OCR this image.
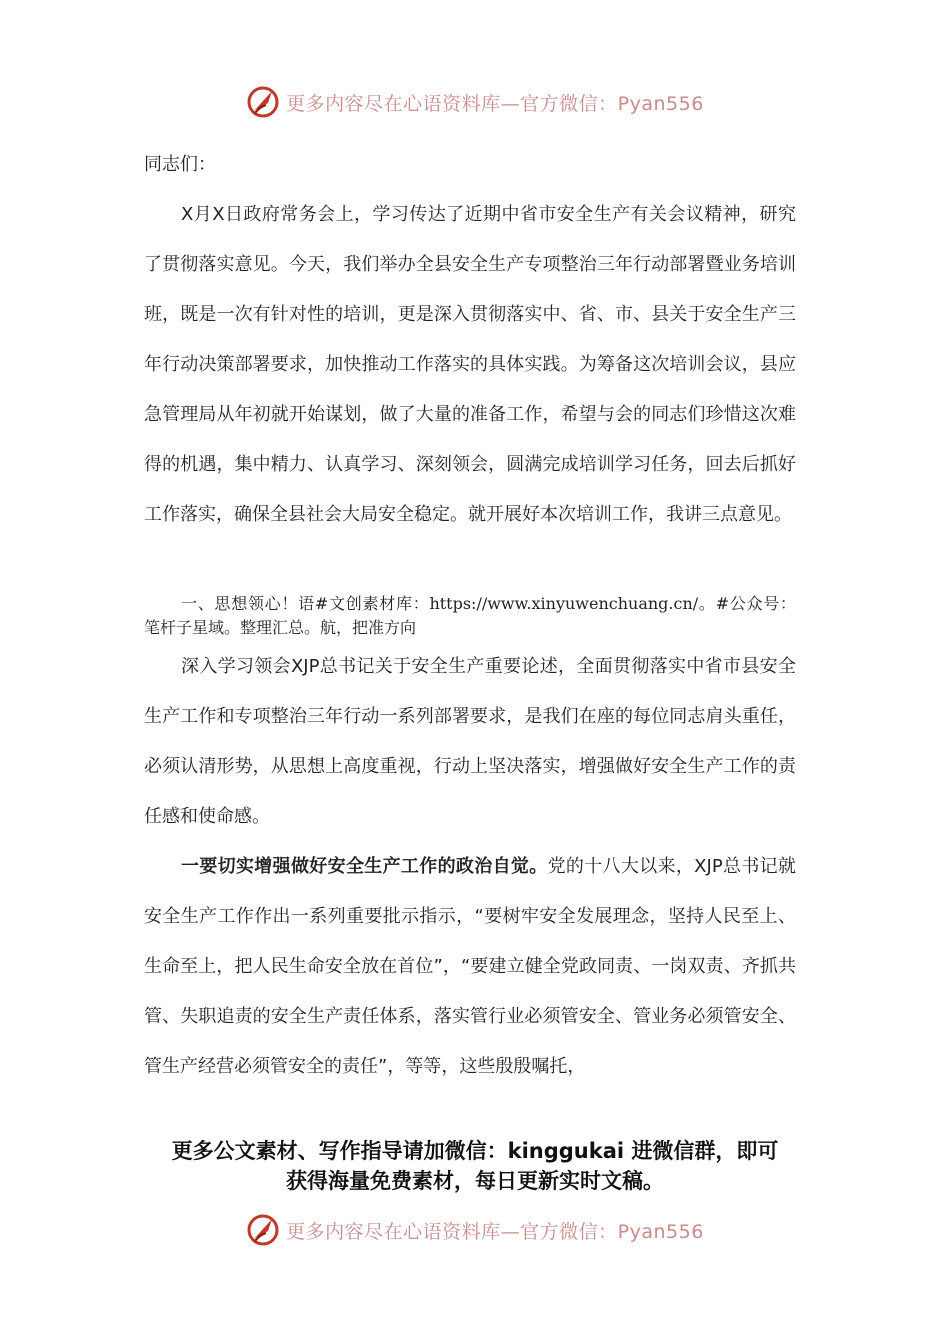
更多内容尽在心语资料库—官方微信：Pyan556

同志们：

X月X日政府常务会上，学习传达了近期中省市安全生产有关会议精神，研究了贯彻落实意见。今天，我们举办全县安全生产专项整治三年行动部署暨业务培训班，既是一次有针对性的培训，更是深入贯彻落实中、省、市、县关于安全生产三年行动决策部署要求，加快推动工作落实的具体实践。为筹备这次培训会议，县应急管理局从年初就开始谋划，做了大量的准备工作，希望与会的同志们珍惜这次难得的机遇，集中精力、认真学习、深刻领会，圆满完成培训学习任务，回去后抓好工作落实，确保全县社会大局安全稳定。就开展好本次培训工作，我讲三点意见。

一、思想领心！语#文创素材库：https://www.xinyuwenchuang.cn/。#公众号：笔杆子星域。整理汇总。航，把准方向

深入学习领会XJP总书记关于安全生产重要论述，全面贯彻落实中省市县安全生产工作和专项整治三年行动一系列部署要求，是我们在座的每位同志肩头重任，必须认清形势，从思想上高度重视，行动上坚决落实，增强做好安全生产工作的责任感和使命感。

一要切实增强做好安全生产工作的政治自觉。党的十八大以来，XJP总书记就安全生产工作作出一系列重要批示指示，“要树牢安全发展理念，坚持人民至上、生命至上，把人民生命安全放在首位”，“要建立健全党政同责、一岗双责、齐抓共管、失职追责的安全生产责任体系，落实管行业必须管安全、管业务必须管安全、管生产经营必须管安全的责任”，等等，这些殷殷嘱托，

更多公文素材、写作指导请加微信：kinggukai 进微信群，即可
获得海量免费素材，每日更新实时文稿。
更多内容尽在心语资料库—官方微信：Pyan556
